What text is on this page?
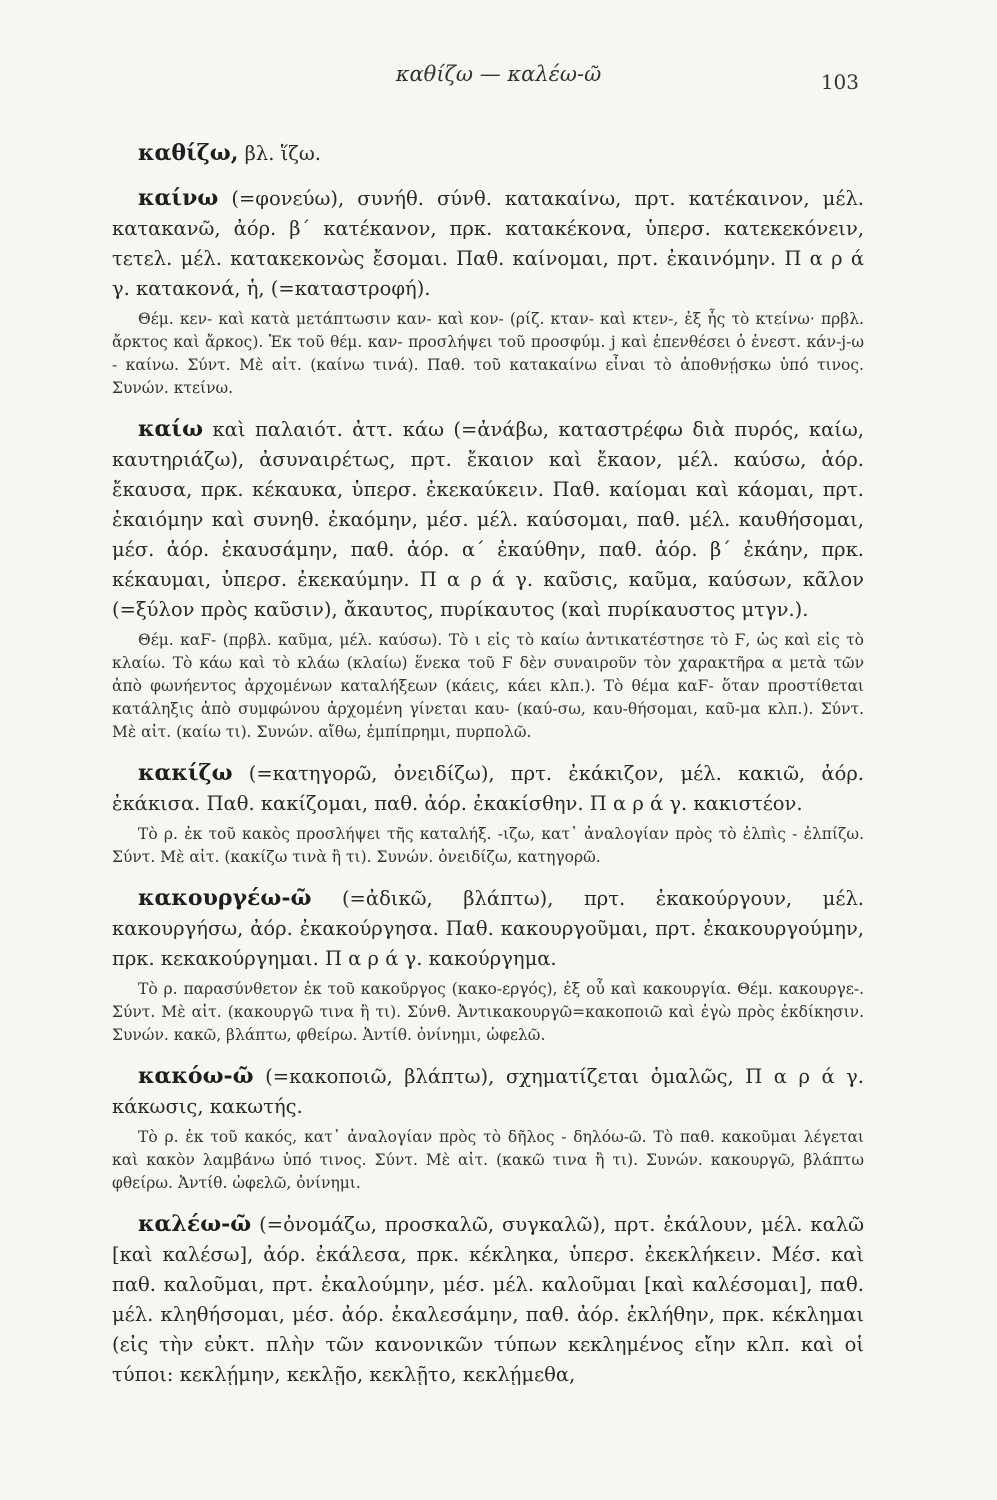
καθίζω — καλέω-ῶ	103

καθίζω, βλ. ἵζω.

καίνω (=φονεύω), συνήθ. σύνθ. κατακαίνω, πρτ. κατέκαινον, μέλ. κατακανῶ, ἀόρ. β΄ κατέκανον, πρκ. κατακέκονα, ὑπερσ. κατεκεκόνειν, τετελ. μέλ. κατακεκονὼς ἔσομαι. Παθ. καίνομαι, πρτ. ἐκαινόμην. Π α ρ ά γ. κατακονά, ἡ, (=καταστροφή).

Θέμ. κεν- καὶ κατὰ μετάπτωσιν καν- καὶ κον- (ρίζ. κταν- καὶ κτεν-, ἐξ ἧς τὸ κτείνω· πρβλ. ἄρκτος καὶ ἄρκος). Ἐκ τοῦ θέμ. καν- προσλήψει τοῦ προσφύμ. j καὶ ἐπενθέσει ὁ ἐνεστ. κάν-j-ω - καίνω. Σύντ. Μὲ αἰτ. (καίνω τινά). Παθ. τοῦ κατακαίνω εἶναι τὸ ἀποθνῄσκω ὑπό τινος. Συνών. κτείνω.

καίω καὶ παλαιότ. ἀττ. κάω (=ἀνάβω, καταστρέφω διὰ πυρός, καίω, καυτηριάζω), ἀσυναιρέτως, πρτ. ἔκαιον καὶ ἔκαον, μέλ. καύσω, ἀόρ. ἔκαυσα, πρκ. κέκαυκα, ὑπερσ. ἐκεκαύκειν. Παθ. καίομαι καὶ κάομαι, πρτ. ἐκαιόμην καὶ συνηθ. ἐκαόμην, μέσ. μέλ. καύσομαι, παθ. μέλ. καυθήσομαι, μέσ. ἀόρ. ἐκαυσάμην, παθ. ἀόρ. α΄ ἐκαύθην, παθ. ἀόρ. β΄ ἐκάην, πρκ. κέκαυμαι, ὑπερσ. ἐκεκαύμην. Π α ρ ά γ. καῦσις, καῦμα, καύσων, κᾶλον (=ξύλον πρὸς καῦσιν), ἄκαυτος, πυρίκαυτος (καὶ πυρίκαυστος μτγν.).

Θέμ. καϜ- (πρβλ. καῦμα, μέλ. καύσω). Τὸ ι εἰς τὸ καίω ἀντικατέστησε τὸ Ϝ, ὡς καὶ εἰς τὸ κλαίω. Τὸ κάω καὶ τὸ κλάω (κλαίω) ἕνεκα τοῦ Ϝ δὲν συναιροῦν τὸν χαρακτῆρα α μετὰ τῶν ἀπὸ φωνήεντος ἀρχομένων καταλήξεων (κάεις, κάει κλπ.). Τὸ θέμα καϜ- ὅταν προστίθεται κατάληξις ἀπὸ συμφώνου ἀρχομένη γίνεται καυ- (καύ-σω, καυ-θήσομαι, καῦ-μα κλπ.). Σύντ. Μὲ αἰτ. (καίω τι). Συνών. αἴθω, ἐμπίπρημι, πυρπολῶ.

κακίζω (=κατηγορῶ, ὀνειδίζω), πρτ. ἐκάκιζον, μέλ. κακιῶ, ἀόρ. ἐκάκισα. Παθ. κακίζομαι, παθ. ἀόρ. ἐκακίσθην. Π α ρ ά γ. κακιστέον.

Τὸ ρ. ἐκ τοῦ κακὸς προσλήψει τῆς καταλήξ. -ιζω, κατ᾽ ἀναλογίαν πρὸς τὸ ἐλπὶς - ἐλπίζω. Σύντ. Μὲ αἰτ. (κακίζω τινὰ ἢ τι). Συνών. ὀνειδίζω, κατηγορῶ.

κακουργέω-ῶ (=ἀδικῶ, βλάπτω), πρτ. ἐκακούργουν, μέλ. κακουργήσω, ἀόρ. ἐκακούργησα. Παθ. κακουργοῦμαι, πρτ. ἐκακουργούμην, πρκ. κεκακούργημαι. Π α ρ ά γ. κακούργημα.

Τὸ ρ. παρασύνθετον ἐκ τοῦ κακοῦργος (κακο-εργός), ἐξ οὗ καὶ κακουργία. Θέμ. κακουργε-. Σύντ. Μὲ αἰτ. (κακουργῶ τινα ἢ τι). Σύνθ. Ἀντικακουργῶ=κακοποιῶ καὶ ἐγὼ πρὸς ἐκδίκησιν. Συνών. κακῶ, βλάπτω, φθείρω. Ἀντίθ. ὀνίνημι, ὠφελῶ.

κακόω-ῶ (=κακοποιῶ, βλάπτω), σχηματίζεται ὁμαλῶς, Π α ρ ά γ. κάκωσις, κακωτής.

Τὸ ρ. ἐκ τοῦ κακός, κατ᾽ ἀναλογίαν πρὸς τὸ δῆλος - δηλόω-ῶ. Τὸ παθ. κακοῦμαι λέγεται καὶ κακὸν λαμβάνω ὑπό τινος. Σύντ. Μὲ αἰτ. (κακῶ τινα ἢ τι). Συνών. κακουργῶ, βλάπτω φθείρω. Ἀντίθ. ὠφελῶ, ὀνίνημι.

καλέω-ῶ (=ὀνομάζω, προσκαλῶ, συγκαλῶ), πρτ. ἐκάλουν, μέλ. καλῶ [καὶ καλέσω], ἀόρ. ἐκάλεσα, πρκ. κέκληκα, ὑπερσ. ἐκεκλήκειν. Μέσ. καὶ παθ. καλοῦμαι, πρτ. ἐκαλούμην, μέσ. μέλ. καλοῦμαι [καὶ καλέσομαι], παθ. μέλ. κληθήσομαι, μέσ. ἀόρ. ἐκαλεσάμην, παθ. ἀόρ. ἐκλήθην, πρκ. κέκλημαι (εἰς τὴν εὐκτ. πλὴν τῶν κανονικῶν τύπων κεκλημένος εἴην κλπ. καὶ οἱ τύποι: κεκλῄμην, κεκλῇο, κεκλῇτο, κεκλῄμεθα,
